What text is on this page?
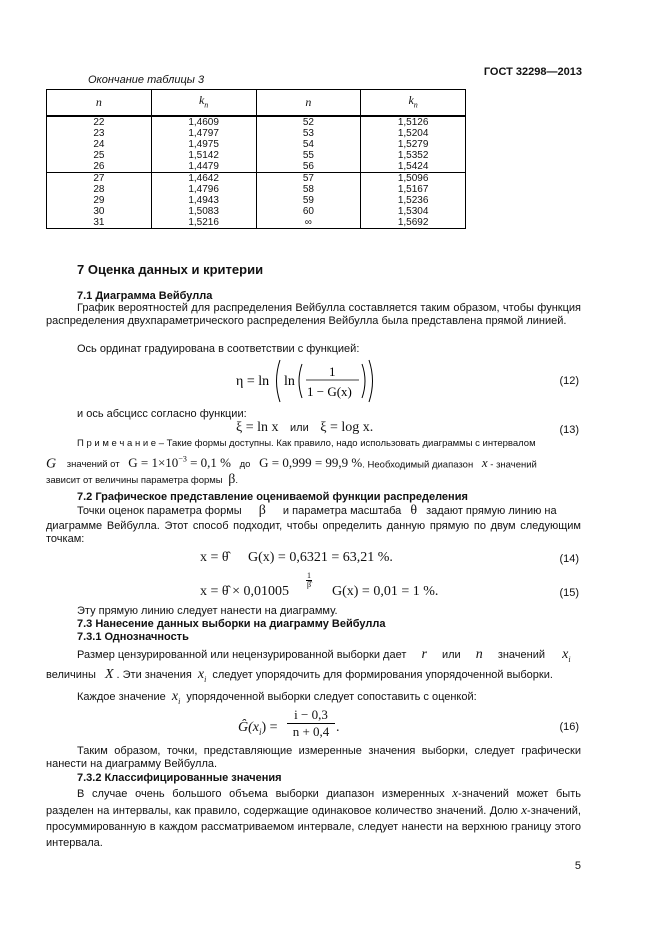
ГОСТ 32298—2013
Окончание таблицы 3
n	$k_n$	n	$k_n$
22	1,4609	52	1,5126
23	1,4797	53	1,5204
24	1,4975	54	1,5279
25	1,5142	55	1,5352
26	1,4479	56	1,5424
27	1,4642	57	1,5096
28	1,4796	58	1,5167
29	1,4943	59	1,5236
30	1,5083	60	1,5304
31	1,5216	∞	1,5692
7 Оценка данных и критерии
7.1 Диаграмма Вейбулла
График вероятностей для распределения Вейбулла составляется таким образом, чтобы функция распределения двухпараметрического распределения Вейбулла была представлена прямой линией.
Ось ординат градуирована в соответствии с функцией:
η = ln ln
1
1 − G(x)
(12)
и ось абсцисс согласно функции:
ξ = ln x или ξ = log x.	(13)
П р и м е ч а н и е – Такие формы доступны. Как правило, надо использовать диаграммы с интервалом
G значений от $G = 1\times 10^{-3} = 0,1$ % до G = 0,999 = 99,9 %. Необходимый диапазон x - значений
зависит от величины параметра формы β.
7.2 Графическое представление оцениваемой функции распределения
Точки оценок параметра формы β и параметра масштаба θ задают прямую линию на
диаграмме Вейбулла. Этот способ подходит, чтобы определить данную прямую по двум следующим точкам:
x = θ̂ G(x) = 0,6321 = 63,21 %.	(14)
x = θ̂ × 0,01005
$\frac{1}{\betâ}$
G(x) = 0,01 = 1 %.	(15)
Эту прямую линию следует нанести на диаграмму.
7.3 Нанесение данных выборки на диаграмму Вейбулла
7.3.1 Однозначность
Размер цензурированной или нецензурированной выборки дает r или n значений $x_i$
величины X . Эти значения $x_i$ следует упорядочить для формирования упорядоченной выборки.
Каждое значение $x_i$ упорядоченной выборки следует сопоставить с оценкой:
$Ĝ(x_i) = \frac{i - 0,3}{n + 0,4}$ .	(16)
Таким образом, точки, представляющие измеренные значения выборки, следует графически нанести на диаграмму Вейбулла.
7.3.2 Классифицированные значения
В случае очень большого объема выборки диапазон измеренных x-значений может быть разделен на интервалы, как правило, содержащие одинаковое количество значений. Долю x-значений, просуммированную в каждом рассматриваемом интервале, следует нанести на верхнюю границу этого интервала.
5
